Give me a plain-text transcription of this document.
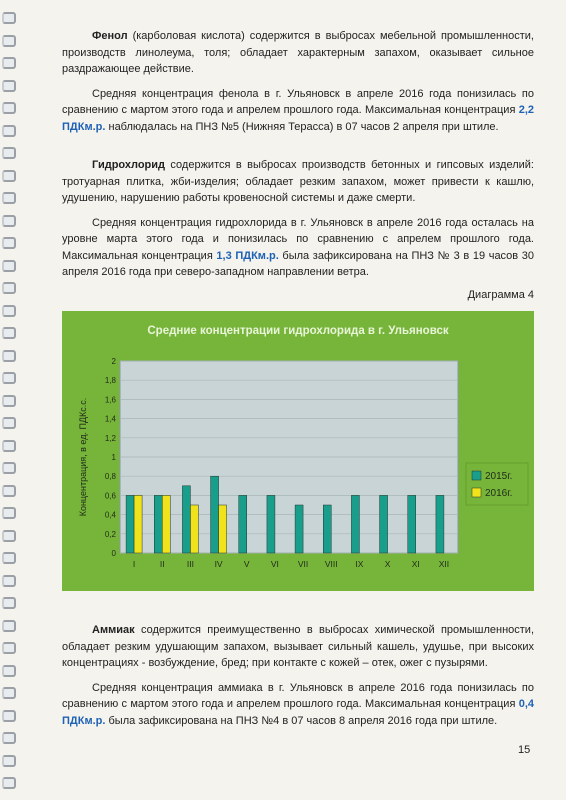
Фенол (карболовая кислота) содержится в выбросах мебельной промышленности, производств линолеума, толя; обладает характерным запахом, оказывает сильное раздражающее действие.

Средняя концентрация фенола в г. Ульяновск в апреле 2016 года понизилась по сравнению с мартом этого года и апрелем прошлого года. Максимальная концентрация 2,2 ПДКм.р. наблюдалась на ПНЗ №5 (Нижняя Терасса) в 07 часов 2 апреля при штиле.

Гидрохлорид содержится в выбросах производств бетонных и гипсовых изделий: тротуарная плитка, жби-изделия; обладает резким запахом, может привести к кашлю, удушению, нарушению работы кровеносной системы и даже смерти.

Средняя концентрация гидрохлорида в г. Ульяновск в апреле 2016 года осталась на уровне марта этого года и понизилась по сравнению с апрелем прошлого года. Максимальная концентрация 1,3 ПДКм.р. была зафиксирована на ПНЗ № 3 в 19 часов 30 апреля 2016 года при северо-западном направлении ветра.

Диаграмма 4

Средние концентрации гидрохлорида в г. Ульяновск
0
0,2
0,4
0,6
0,8
1
1,2
1,4
1,6
1,8
2
Концентрация, в ед. ПДКс.с.
I	II	III IV	V	VI VII VIII IX	X	XI XII
2015г.
2016г.

Аммиак содержится преимущественно в выбросах химической промышленности, обладает резким удушающим запахом, вызывает сильный кашель, удушье, при высоких концентрациях - возбуждение, бред; при контакте с кожей – отек, ожег с пузырями.

Средняя концентрация аммиака в г. Ульяновск в апреле 2016 года понизилась по сравнению с мартом этого года и апрелем прошлого года. Максимальная концентрация 0,4 ПДКм.р. была зафиксирована на ПНЗ №4 в 07 часов 8 апреля 2016 года при штиле.

15
